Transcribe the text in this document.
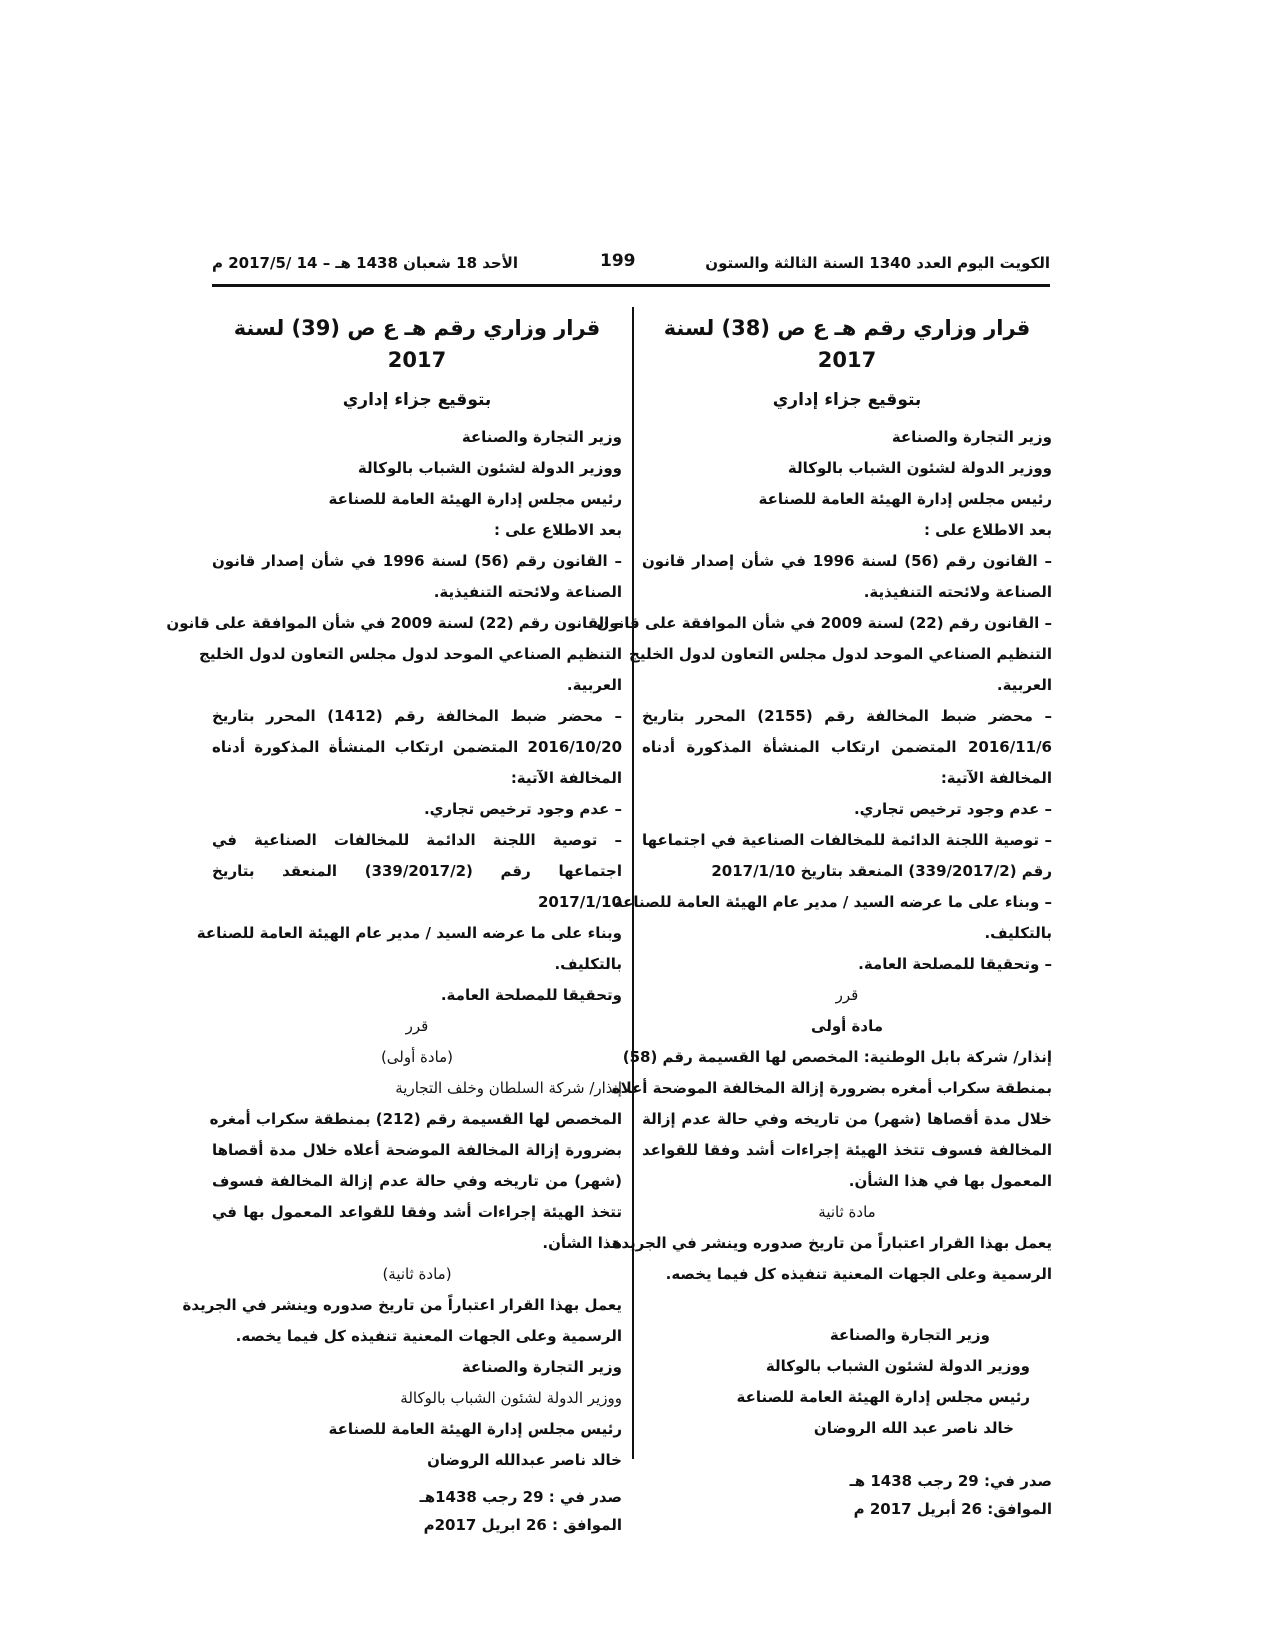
الكويت اليوم العدد 1340 السنة الثالثة والستون
199
الأحد 18 شعبان 1438 هـ – 14 /2017/5 م
قرار وزاري رقم هـ ع ص (38) لسنة 2017
بتوقيع جزاء إداري
وزير التجارة والصناعة
ووزير الدولة لشئون الشباب بالوكالة
رئيس مجلس إدارة الهيئة العامة للصناعة
بعد الاطلاع على :
– القانون رقم (56) لسنة 1996 في شأن إصدار قانون
الصناعة ولائحته التنفيذية.
– القانون رقم (22) لسنة 2009 في شأن الموافقة على قانون
التنظيم الصناعي الموحد لدول مجلس التعاون لدول الخليج
العربية.
– محضر ضبط المخالفة رقم (2155) المحرر بتاريخ
2016/11/6 المتضمن ارتكاب المنشأة المذكورة أدناه
المخالفة الآتية:
– عدم وجود ترخيص تجاري.
– توصية اللجنة الدائمة للمخالفات الصناعية في اجتماعها
رقم (339/2017/2) المنعقد بتاريخ 2017/1/10
– وبناء على ما عرضه السيد / مدير عام الهيئة العامة للصناعة
بالتكليف.
– وتحقيقا للمصلحة العامة.
قرر
مادة أولى
إنذار/ شركة بابل الوطنية: المخصص لها القسيمة رقم (58)
بمنطقة سكراب أمغره بضرورة إزالة المخالفة الموضحة أعلاه
خلال مدة أقصاها (شهر) من تاريخه وفي حالة عدم إزالة
المخالفة فسوف تتخذ الهيئة إجراءات أشد وفقا للقواعد
المعمول بها في هذا الشأن.
مادة ثانية
يعمل بهذا القرار اعتباراً من تاريخ صدوره وينشر في الجريدة
الرسمية وعلى الجهات المعنية تنفيذه كل فيما يخصه.
وزير التجارة والصناعة
ووزير الدولة لشئون الشباب بالوكالة
رئيس مجلس إدارة الهيئة العامة للصناعة
خالد ناصر عبد الله الروضان
صدر في: 29 رجب 1438 هـ
الموافق: 26 أبريل 2017 م
قرار وزاري رقم هـ ع ص (39) لسنة 2017
بتوقيع جزاء إداري
وزير التجارة والصناعة
ووزير الدولة لشئون الشباب بالوكالة
رئيس مجلس إدارة الهيئة العامة للصناعة
بعد الاطلاع على :
– القانون رقم (56) لسنة 1996 في شأن إصدار قانون
الصناعة ولائحته التنفيذية.
– القانون رقم (22) لسنة 2009 في شأن الموافقة على قانون
التنظيم الصناعي الموحد لدول مجلس التعاون لدول الخليج
العربية.
– محضر ضبط المخالفة رقم (1412) المحرر بتاريخ
2016/10/20 المتضمن ارتكاب المنشأة المذكورة أدناه
المخالفة الآتية:
– عدم وجود ترخيص تجاري.
– توصية اللجنة الدائمة للمخالفات الصناعية في
اجتماعها رقم (339/2017/2) المنعقد بتاريخ
2017/1/10
وبناء على ما عرضه السيد / مدير عام الهيئة العامة للصناعة
بالتكليف.
وتحقيقا للمصلحة العامة.
قرر
(مادة أولى)
إنذار/ شركة السلطان وخلف التجارية
المخصص لها القسيمة رقم (212) بمنطقة سكراب أمغره
بضرورة إزالة المخالفة الموضحة أعلاه خلال مدة أقصاها
(شهر) من تاريخه وفي حالة عدم إزالة المخالفة فسوف
تتخذ الهيئة إجراءات أشد وفقا للقواعد المعمول بها في
هذا الشأن.
(مادة ثانية)
يعمل بهذا القرار اعتباراً من تاريخ صدوره وينشر في الجريدة
الرسمية وعلى الجهات المعنية تنفيذه كل فيما يخصه.
وزير التجارة والصناعة
ووزير الدولة لشئون الشباب بالوكالة
رئيس مجلس إدارة الهيئة العامة للصناعة
خالد ناصر عبدالله الروضان
صدر في : 29 رجب 1438هـ
الموافق : 26 ابريل 2017م
